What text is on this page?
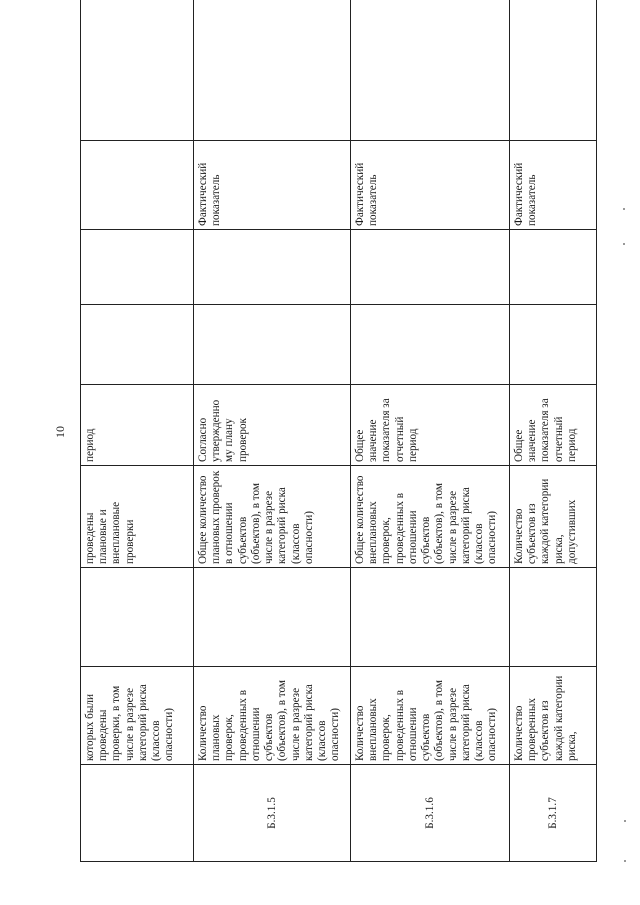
10
	которых были проведены проверки, в том числе в разрезе категорий риска (классов опасности)		проведены плановые и внеплановые проверки	период				
Б.3.1.5	Количество плановых проверок, проведенных в отношении субъектов (объектов), в том числе в разрезе категорий риска (классов опасности)		Общее количество плановых проверок в отношении субъектов (объектов), в том числе в разрезе категорий риска (классов опасности)	Согласно утвержденно му плану проверок			Фактический показатель	
Б.3.1.6	Количество внеплановых проверок, проведенных в отношении субъектов (объектов), в том числе в разрезе категорий риска (классов опасности)		Общее количество внеплановых проверок, проведенных в отношении субъектов (объектов), в том числе в разрезе категорий риска (классов опасности)	Общее значение показателя за отчетный период			Фактический показатель	
Б.3.1.7	Количество проверенных субъектов из каждой категории риска,		Количество субъектов из каждой категории риска, допустивших	Общее значение показателя за отчетный период			Фактический показатель	
